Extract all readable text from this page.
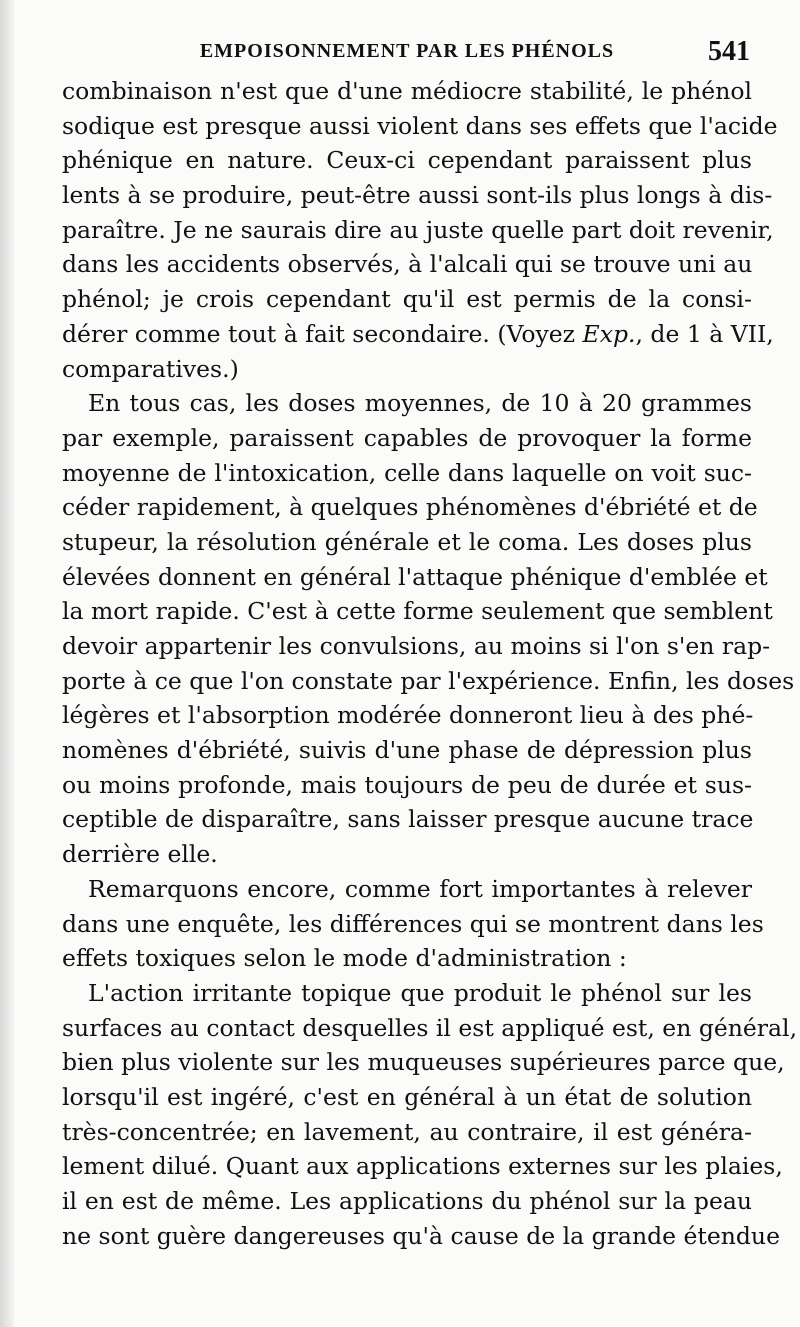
EMPOISONNEMENT PAR LES PHÉNOLS	541
combinaison n'est que d'une médiocre stabilité, le phénol
sodique est presque aussi violent dans ses effets que l'acide
phénique en nature. Ceux-ci cependant paraissent plus
lents à se produire, peut-être aussi sont-ils plus longs à dis-
paraître. Je ne saurais dire au juste quelle part doit revenir,
dans les accidents observés, à l'alcali qui se trouve uni au
phénol; je crois cependant qu'il est permis de la consi-
dérer comme tout à fait secondaire. (Voyez Exp., de 1 à VII,
comparatives.)
En tous cas, les doses moyennes, de 10 à 20 grammes
par exemple, paraissent capables de provoquer la forme
moyenne de l'intoxication, celle dans laquelle on voit suc-
céder rapidement, à quelques phénomènes d'ébriété et de
stupeur, la résolution générale et le coma. Les doses plus
élevées donnent en général l'attaque phénique d'emblée et
la mort rapide. C'est à cette forme seulement que semblent
devoir appartenir les convulsions, au moins si l'on s'en rap-
porte à ce que l'on constate par l'expérience. Enfin, les doses
légères et l'absorption modérée donneront lieu à des phé-
nomènes d'ébriété, suivis d'une phase de dépression plus
ou moins profonde, mais toujours de peu de durée et sus-
ceptible de disparaître, sans laisser presque aucune trace
derrière elle.
Remarquons encore, comme fort importantes à relever
dans une enquête, les différences qui se montrent dans les
effets toxiques selon le mode d'administration :
L'action irritante topique que produit le phénol sur les
surfaces au contact desquelles il est appliqué est, en général,
bien plus violente sur les muqueuses supérieures parce que,
lorsqu'il est ingéré, c'est en général à un état de solution
très-concentrée; en lavement, au contraire, il est généra-
lement dilué. Quant aux applications externes sur les plaies,
il en est de même. Les applications du phénol sur la peau
ne sont guère dangereuses qu'à cause de la grande étendue
